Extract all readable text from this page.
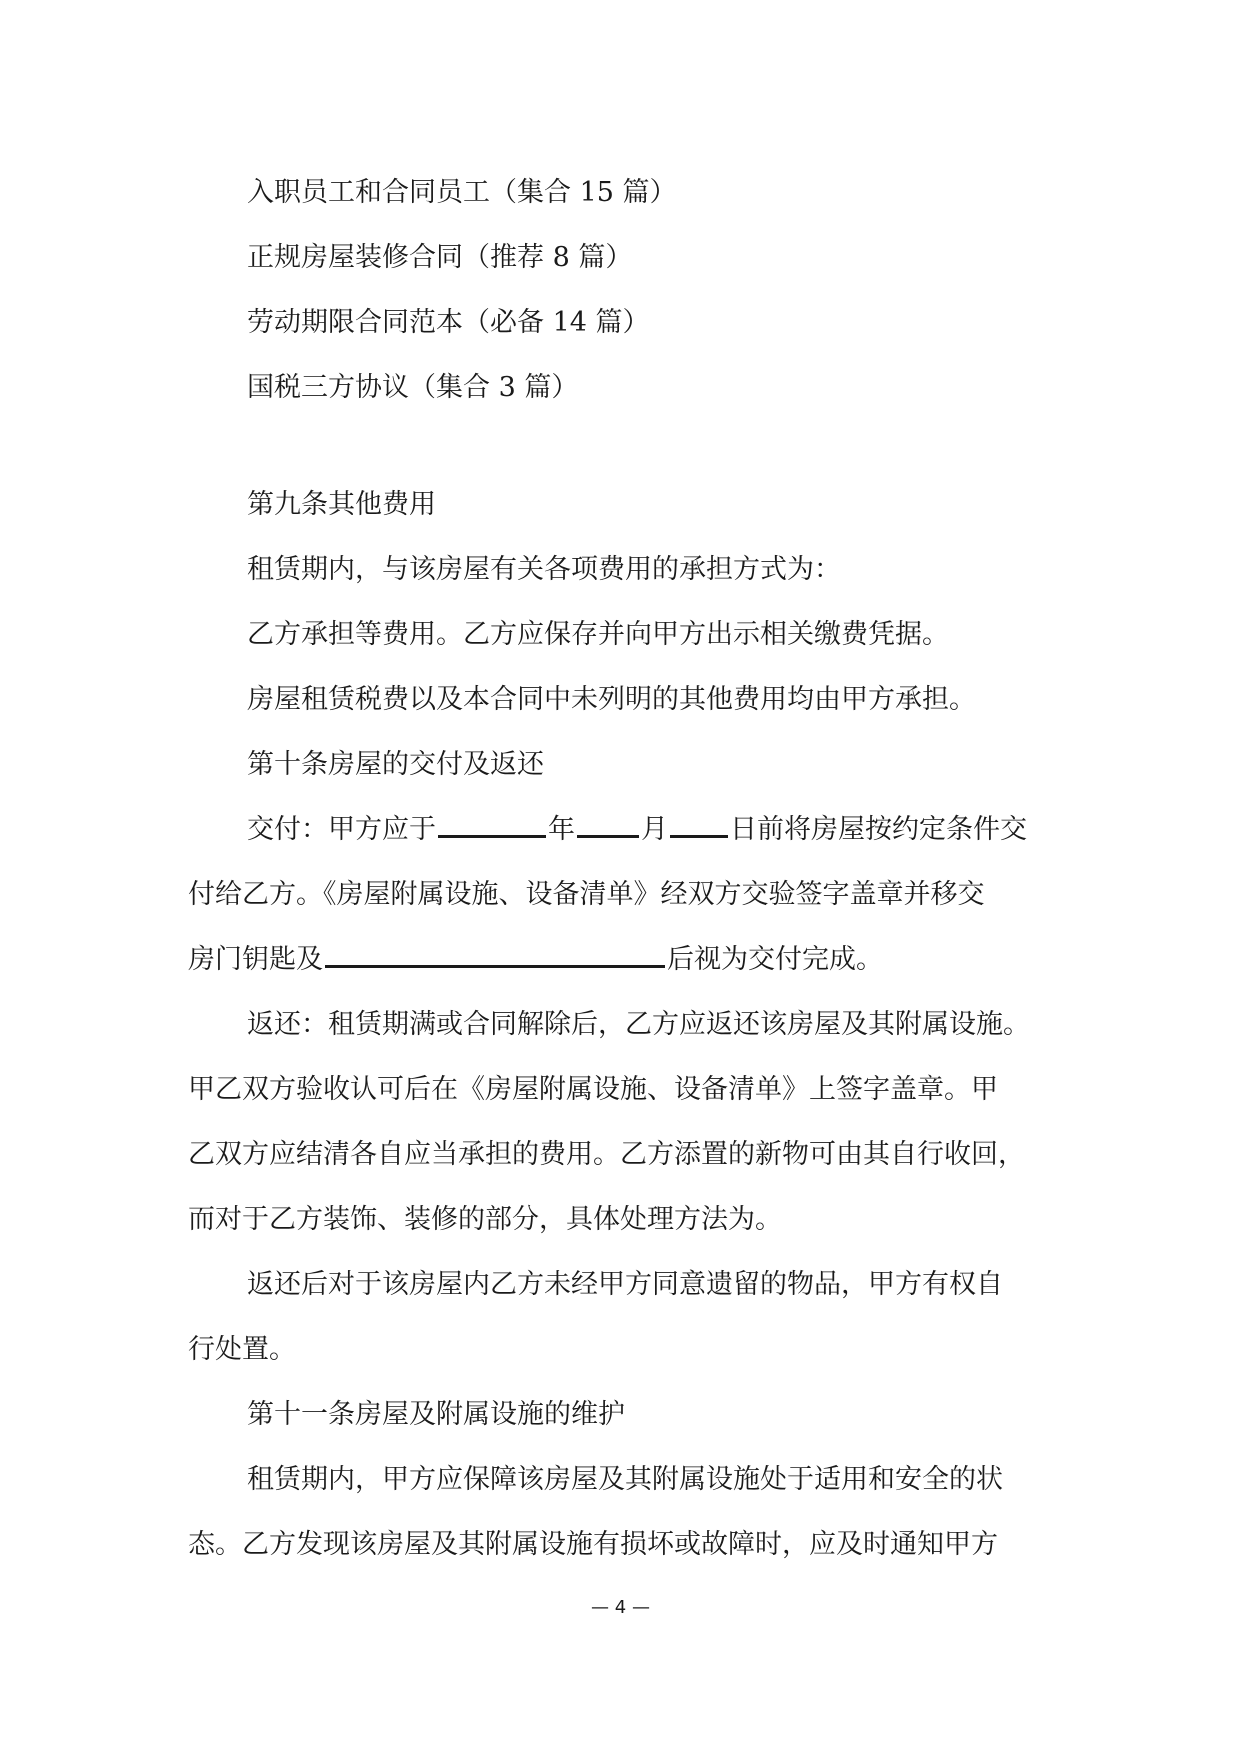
入职员工和合同员工（集合 15 篇）
正规房屋装修合同（推荐 8 篇）
劳动期限合同范本（必备 14 篇）
国税三方协议（集合 3 篇）

第九条其他费用

租赁期内，与该房屋有关各项费用的承担方式为：

乙方承担等费用。乙方应保存并向甲方出示相关缴费凭据。

房屋租赁税费以及本合同中未列明的其他费用均由甲方承担。

第十条房屋的交付及返还

交付：甲方应于	年 月 日前将房屋按约定条件交

付给乙方。《房屋附属设施、设备清单》经双方交验签字盖章并移交

房门钥匙及	后视为交付完成。

返还：租赁期满或合同解除后，乙方应返还该房屋及其附属设施。

甲乙双方验收认可后在《房屋附属设施、设备清单》上签字盖章。甲

乙双方应结清各自应当承担的费用。乙方添置的新物可由其自行收回，

而对于乙方装饰、装修的部分，具体处理方法为。

返还后对于该房屋内乙方未经甲方同意遗留的物品，甲方有权自

行处置。

第十一条房屋及附属设施的维护

租赁期内，甲方应保障该房屋及其附属设施处于适用和安全的状

态。乙方发现该房屋及其附属设施有损坏或故障时，应及时通知甲方

— 4 —
